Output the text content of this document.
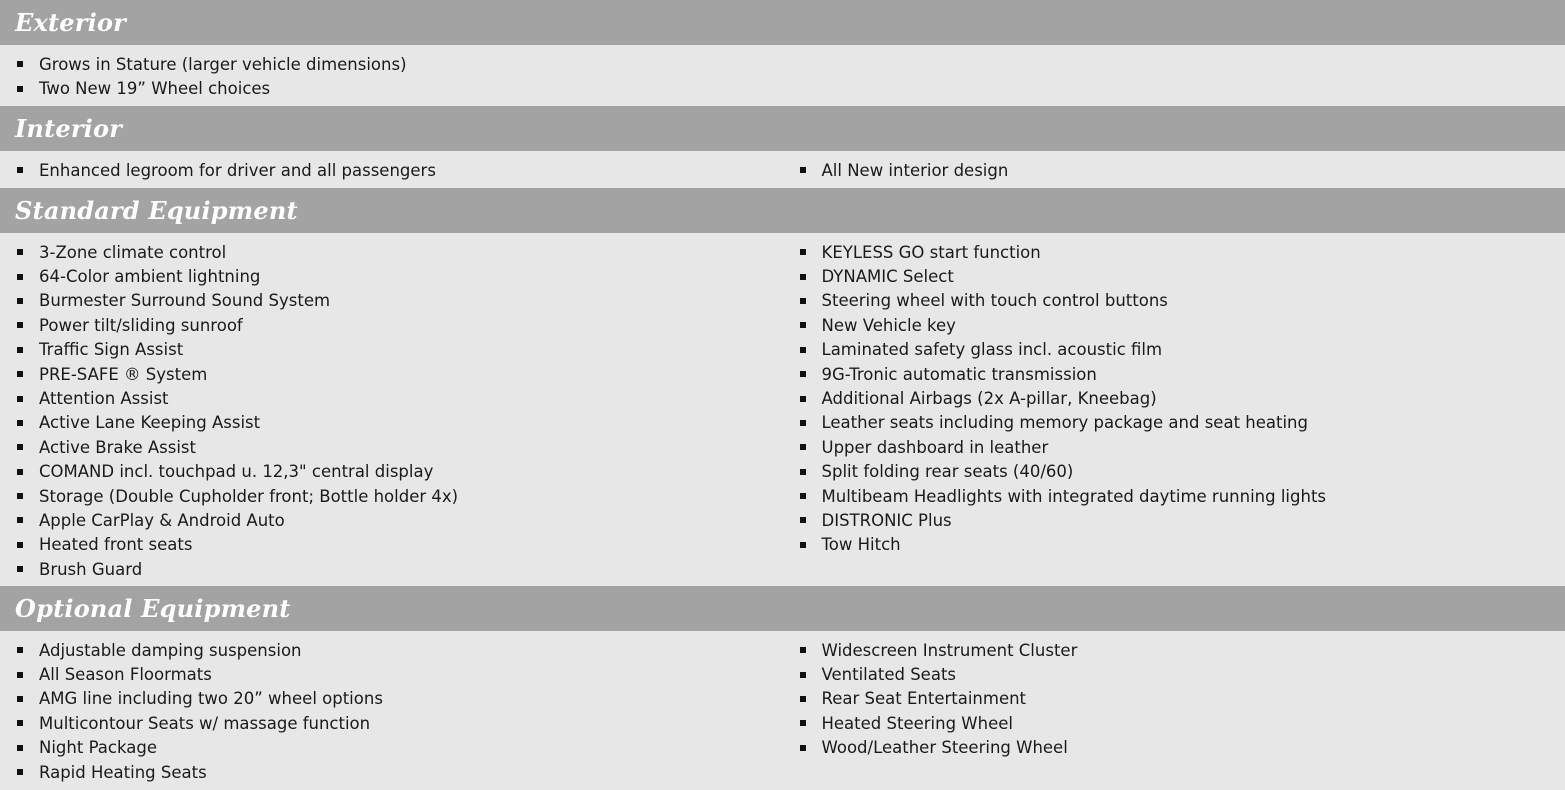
Exterior
Grows in Stature (larger vehicle dimensions)
Two New 19” Wheel choices
Interior
Enhanced legroom for driver and all passengers	All New interior design
Standard Equipment
3-Zone climate control
64-Color ambient lightning
Burmester Surround Sound System
Power tilt/sliding sunroof
Traffic Sign Assist
PRE-SAFE ® System
Attention Assist
Active Lane Keeping Assist
Active Brake Assist
COMAND incl. touchpad u. 12,3" central display
Storage (Double Cupholder front; Bottle holder 4x)
Apple CarPlay & Android Auto
Heated front seats
Brush Guard
KEYLESS GO start function
DYNAMIC Select
Steering wheel with touch control buttons
New Vehicle key
Laminated safety glass incl. acoustic film
9G-Tronic automatic transmission
Additional Airbags (2x A-pillar, Kneebag)
Leather seats including memory package and seat heating
Upper dashboard in leather
Split folding rear seats (40/60)
Multibeam Headlights with integrated daytime running lights
DISTRONIC Plus
Tow Hitch
Optional Equipment
Adjustable damping suspension
All Season Floormats
AMG line including two 20” wheel options
Multicontour Seats w/ massage function
Night Package
Rapid Heating Seats
Widescreen Instrument Cluster
Ventilated Seats
Rear Seat Entertainment
Heated Steering Wheel
Wood/Leather Steering Wheel
